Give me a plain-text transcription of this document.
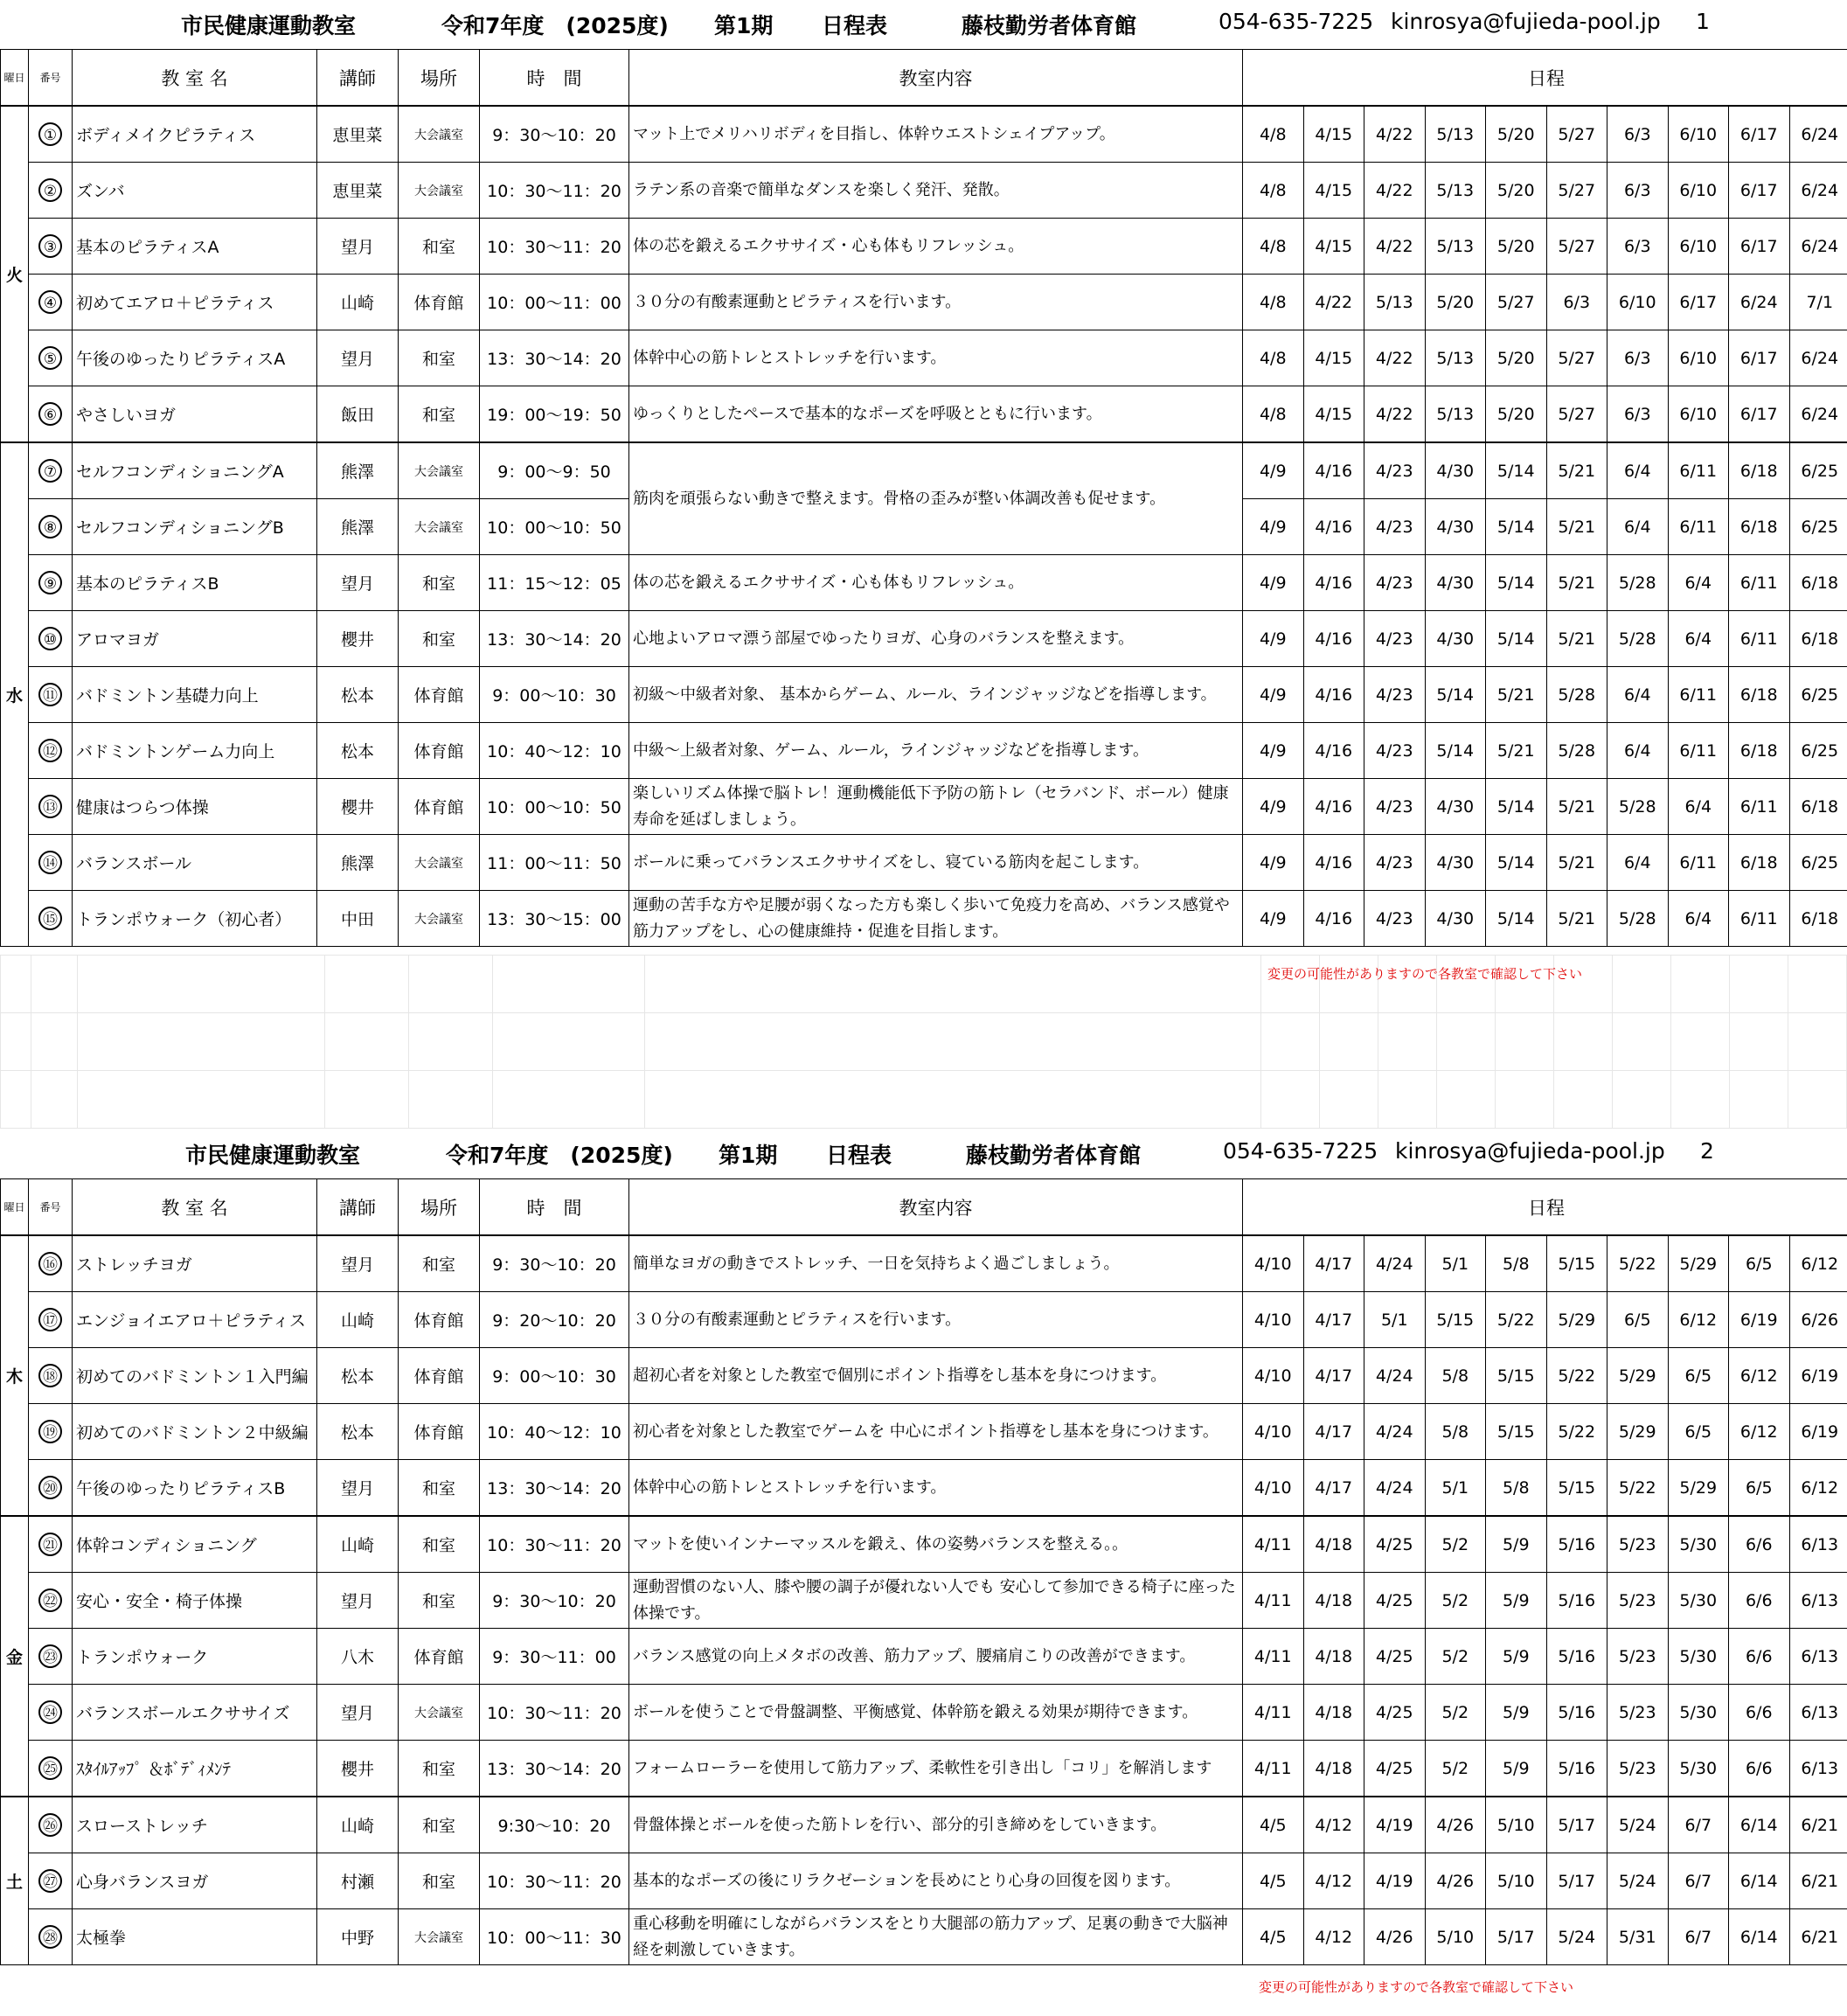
市民健康運動教室	令和7年度　(2025度) 第1期 日程表	藤枝勤労者体育館	054-635-7225 kinrosya@fujieda-pool.jp 1
曜日	番号	教 室 名	講師	場所	時　間	教室内容	日程									
火	①	ボディメイクピラティス	恵里菜	大会議室	9：30～10：20	マット上でメリハリボディを目指し、体幹ウエストシェイプアップ。	4/8	4/15	4/22	5/13	5/20	5/27	6/3	6/10	6/17	6/24
	②	ズンバ	恵里菜	大会議室	10：30～11：20	ラテン系の音楽で簡単なダンスを楽しく発汗、発散。	4/8	4/15	4/22	5/13	5/20	5/27	6/3	6/10	6/17	6/24
	③	基本のピラティスA	望月	和室	10：30～11：20	体の芯を鍛えるエクササイズ・心も体もリフレッシュ。	4/8	4/15	4/22	5/13	5/20	5/27	6/3	6/10	6/17	6/24
	④	初めてエアロ＋ピラティス	山崎	体育館	10：00～11：00	３０分の有酸素運動とピラティスを行います。	4/8	4/22	5/13	5/20	5/27	6/3	6/10	6/17	6/24	7/1
	⑤	午後のゆったりピラティスA	望月	和室	13：30～14：20	体幹中心の筋トレとストレッチを行います。	4/8	4/15	4/22	5/13	5/20	5/27	6/3	6/10	6/17	6/24
	⑥	やさしいヨガ	飯田	和室	19：00～19：50	ゆっくりとしたペースで基本的なポーズを呼吸とともに行います。	4/8	4/15	4/22	5/13	5/20	5/27	6/3	6/10	6/17	6/24
水	⑦	セルフコンディショニングA	熊澤	大会議室	9：00～9：50	筋肉を頑張らない動きで整えます。骨格の歪みが整い体調改善も促せます。	4/9	4/16	4/23	4/30	5/14	5/21	6/4	6/11	6/18	6/25
	⑧	セルフコンディショニングB	熊澤	大会議室	10：00～10：50		4/9	4/16	4/23	4/30	5/14	5/21	6/4	6/11	6/18	6/25
	⑨	基本のピラティスB	望月	和室	11：15～12：05	体の芯を鍛えるエクササイズ・心も体もリフレッシュ。	4/9	4/16	4/23	4/30	5/14	5/21	5/28	6/4	6/11	6/18
	⑩	アロマヨガ	櫻井	和室	13：30～14：20	心地よいアロマ漂う部屋でゆったりヨガ、心身のバランスを整えます。	4/9	4/16	4/23	4/30	5/14	5/21	5/28	6/4	6/11	6/18
	⑪	バドミントン基礎力向上	松本	体育館	9：00～10：30	初級～中級者対象、 基本からゲーム、ルール、ラインジャッジなどを指導します。	4/9	4/16	4/23	5/14	5/21	5/28	6/4	6/11	6/18	6/25
	⑫	バドミントンゲーム力向上	松本	体育館	10：40～12：10	中級～上級者対象、ゲーム、ルール，ラインジャッジなどを指導します。	4/9	4/16	4/23	5/14	5/21	5/28	6/4	6/11	6/18	6/25
	⑬	健康はつらつ体操	櫻井	体育館	10：00～10：50	楽しいリズム体操で脳トレ！運動機能低下予防の筋トレ（セラバンド、ボール）健康寿命を延ばしましょう。	4/9	4/16	4/23	4/30	5/14	5/21	5/28	6/4	6/11	6/18
	⑭	バランスボール	熊澤	大会議室	11：00～11：50	ボールに乗ってバランスエクササイズをし、寝ている筋肉を起こします。	4/9	4/16	4/23	4/30	5/14	5/21	6/4	6/11	6/18	6/25
	⑮	トランポウォーク（初心者）	中田	大会議室	13：30～15：00	運動の苦手な方や足腰が弱くなった方も楽しく歩いて免疫力を高め、バランス感覚や筋力アップをし、心の健康維持・促進を目指します。	4/9	4/16	4/23	4/30	5/14	5/21	5/28	6/4	6/11	6/18
市民健康運動教室	令和7年度　(2025度) 第1期 日程表	藤枝勤労者体育館	054-635-7225 kinrosya@fujieda-pool.jp 2
曜日	番号	教 室 名	講師	場所	時　間	教室内容	日程									
木	⑯	ストレッチヨガ	望月	和室	9：30～10：20	簡単なヨガの動きでストレッチ、一日を気持ちよく過ごしましょう。	4/10	4/17	4/24	5/1	5/8	5/15	5/22	5/29	6/5	6/12
	⑰	エンジョイエアロ＋ピラティス	山崎	体育館	9：20～10：20	３０分の有酸素運動とピラティスを行います。	4/10	4/17	5/1	5/15	5/22	5/29	6/5	6/12	6/19	6/26
	⑱	初めてのバドミントン１入門編	松本	体育館	9：00～10：30	超初心者を対象とした教室で個別にポイント指導をし基本を身につけます。	4/10	4/17	4/24	5/8	5/15	5/22	5/29	6/5	6/12	6/19
	⑲	初めてのバドミントン２中級編	松本	体育館	10：40～12：10	初心者を対象とした教室でゲームを 中心にポイント指導をし基本を身につけます。	4/10	4/17	4/24	5/8	5/15	5/22	5/29	6/5	6/12	6/19
	⑳	午後のゆったりピラティスB	望月	和室	13：30～14：20	体幹中心の筋トレとストレッチを行います。	4/10	4/17	4/24	5/1	5/8	5/15	5/22	5/29	6/5	6/12
金	㉑	体幹コンディショニング	山崎	和室	10：30～11：20	マットを使いインナーマッスルを鍛え、体の姿勢バランスを整える。。	4/11	4/18	4/25	5/2	5/9	5/16	5/23	5/30	6/6	6/13
	㉒	安心・安全・椅子体操	望月	和室	9：30～10：20	運動習慣のない人、膝や腰の調子が優れない人でも 安心して参加できる椅子に座った体操です。	4/11	4/18	4/25	5/2	5/9	5/16	5/23	5/30	6/6	6/13
	㉓	トランポウォーク	八木	体育館	9：30～11：00	バランス感覚の向上メタボの改善、筋力アップ、腰痛肩こりの改善ができます。	4/11	4/18	4/25	5/2	5/9	5/16	5/23	5/30	6/6	6/13
	㉔	バランスボールエクササイズ	望月	大会議室	10：30～11：20	ボールを使うことで骨盤調整、平衡感覚、体幹筋を鍛える効果が期待できます。	4/11	4/18	4/25	5/2	5/9	5/16	5/23	5/30	6/6	6/13
	㉕	ｽﾀｲﾙｱｯﾌﾟ ＆ﾎﾞﾃﾞｨﾒﾝﾃ	櫻井	和室	13：30～14：20	フォームローラーを使用して筋力アップ、柔軟性を引き出し「コリ」を解消します	4/11	4/18	4/25	5/2	5/9	5/16	5/23	5/30	6/6	6/13
土	㉖	スローストレッチ	山崎	和室	9:30～10：20	骨盤体操とボールを使った筋トレを行い、部分的引き締めをしていきます。	4/5	4/12	4/19	4/26	5/10	5/17	5/24	6/7	6/14	6/21
	㉗	心身バランスヨガ	村瀬	和室	10：30～11：20	基本的なポーズの後にリラクゼーションを長めにとり心身の回復を図ります。	4/5	4/12	4/19	4/26	5/10	5/17	5/24	6/7	6/14	6/21
	㉘	太極拳	中野	大会議室	10：00～11：30	重心移動を明確にしながらバランスをとり大腿部の筋力アップ、足裏の動きで大脳神経を刺激していきます。	4/5	4/12	4/26	5/10	5/17	5/24	5/31	6/7	6/14	6/21

変更の可能性がありますので各教室で確認して下さい
変更の可能性がありますので各教室で確認して下さい
